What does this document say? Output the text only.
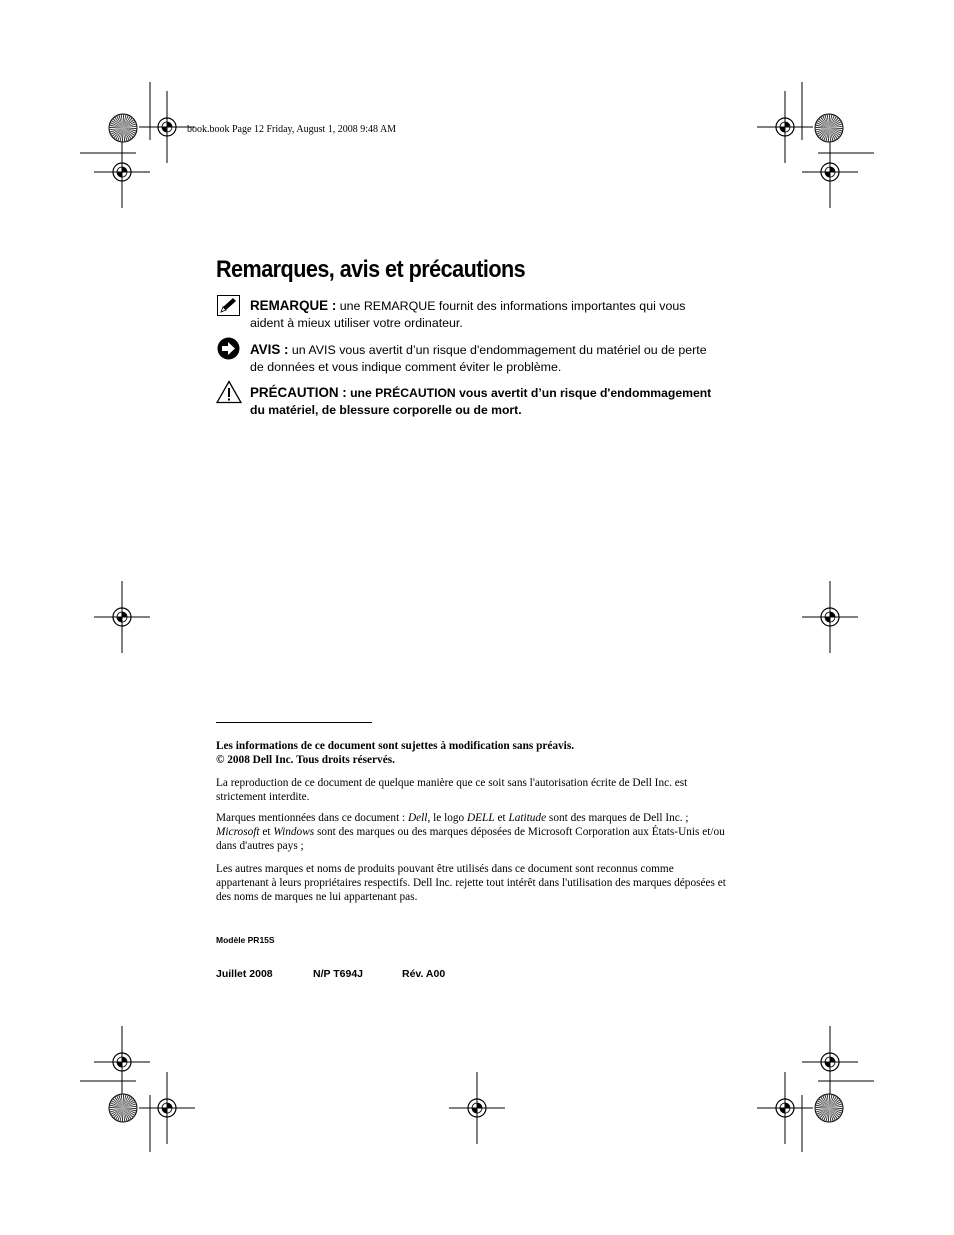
book.book Page 12 Friday, August 1, 2008 9:48 AM
Remarques, avis et précautions
REMARQUE : une REMARQUE fournit des informations importantes qui vous aident à mieux utiliser votre ordinateur.
AVIS : un AVIS vous avertit d’un risque d'endommagement du matériel ou de perte de données et vous indique comment éviter le problème.
PRÉCAUTION : une PRÉCAUTION vous avertit d’un risque d'endommagement du matériel, de blessure corporelle ou de mort.
Les informations de ce document sont sujettes à modification sans préavis.
© 2008 Dell Inc. Tous droits réservés.
La reproduction de ce document de quelque manière que ce soit sans l'autorisation écrite de Dell Inc. est strictement interdite.
Marques mentionnées dans ce document : Dell, le logo DELL et Latitude sont des marques de Dell Inc. ; Microsoft et Windows sont des marques ou des marques déposées de Microsoft Corporation aux États-Unis et/ou dans d'autres pays ;
Les autres marques et noms de produits pouvant être utilisés dans ce document sont reconnus comme appartenant à leurs propriétaires respectifs. Dell Inc. rejette tout intérêt dans l'utilisation des marques déposées et des noms de marques ne lui appartenant pas.
Modèle PR15S
Juillet 2008	N/P T694J	Rév. A00
